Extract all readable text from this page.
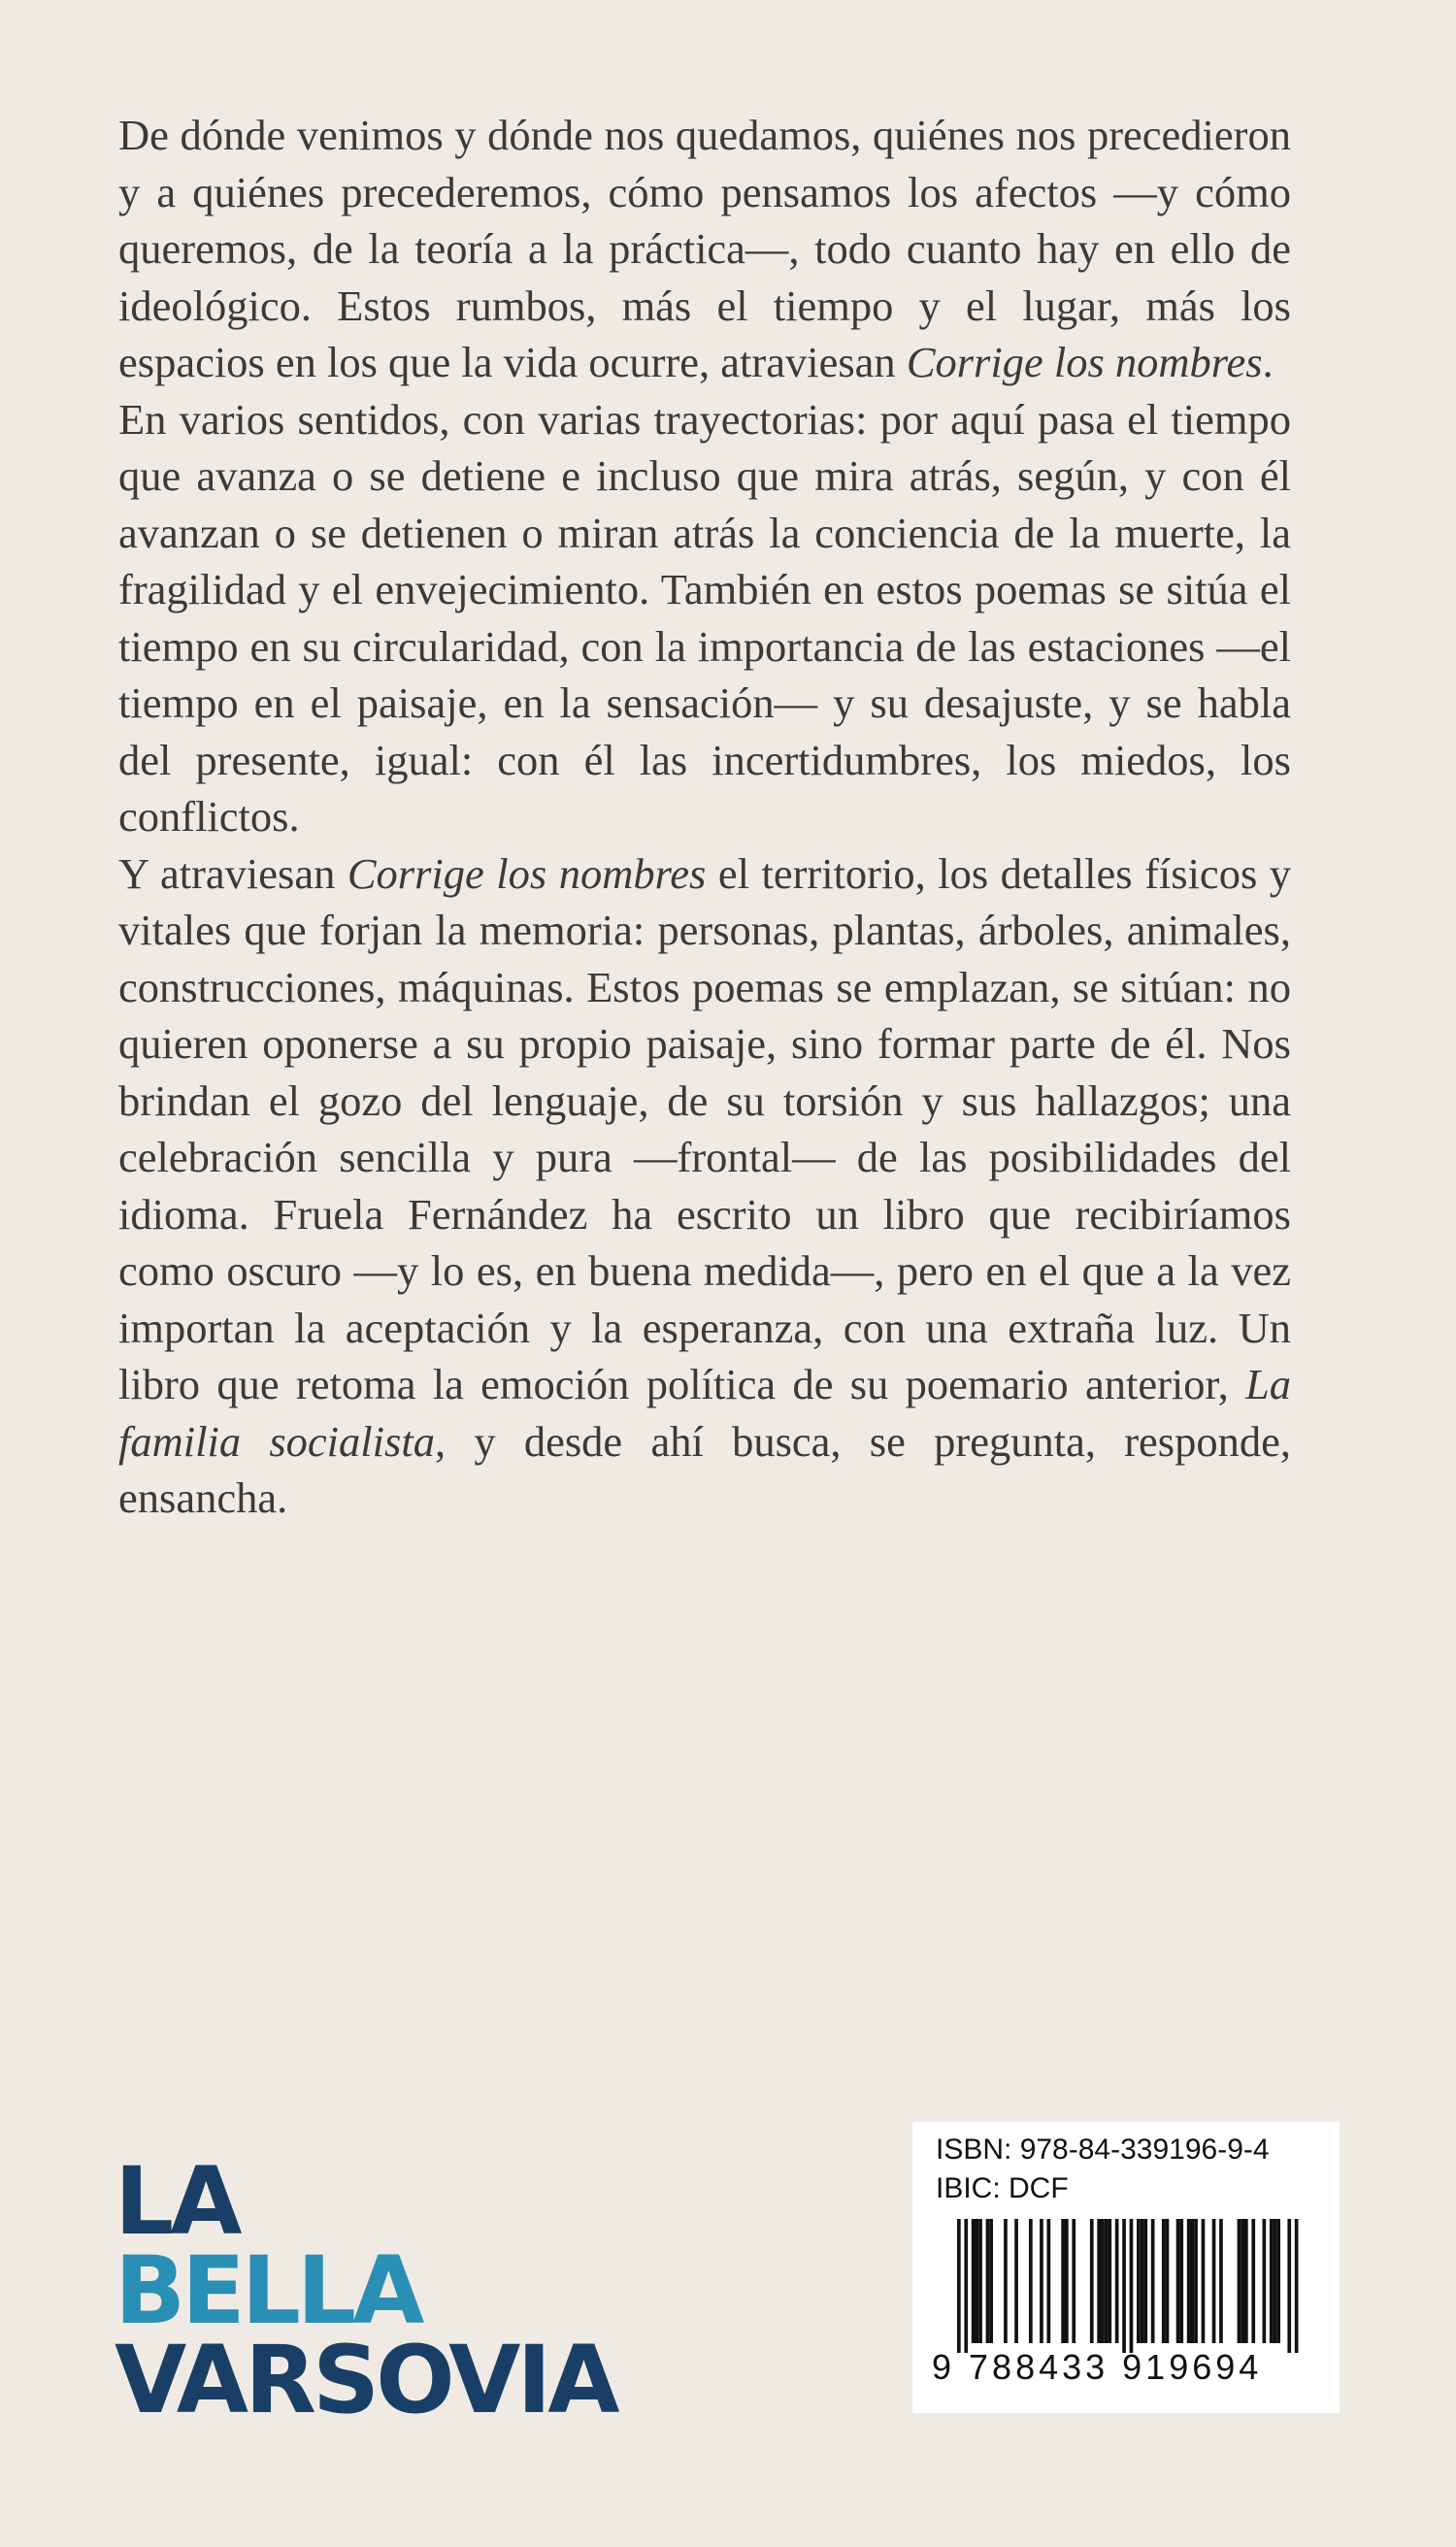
De dónde venimos y dónde nos quedamos, quiénes nos precedieron y a quiénes precederemos, cómo pensamos los afectos —y cómo queremos, de la teoría a la práctica—, todo cuanto hay en ello de ideológico. Estos rumbos, más el tiempo y el lugar, más los espacios en los que la vida ocurre, atraviesan Corrige los nombres.

En varios sentidos, con varias trayectorias: por aquí pasa el tiempo que avanza o se detiene e incluso que mira atrás, según, y con él avanzan o se detienen o miran atrás la conciencia de la muerte, la fragilidad y el envejecimiento. También en estos poemas se sitúa el tiempo en su circularidad, con la importancia de las estaciones —el tiempo en el paisaje, en la sensación— y su desajuste, y se habla del presente, igual: con él las incertidumbres, los miedos, los conflictos.

Y atraviesan Corrige los nombres el territorio, los detalles físicos y vitales que forjan la memoria: personas, plantas, árboles, animales, construcciones, máquinas. Estos poemas se emplazan, se sitúan: no quieren oponerse a su propio paisaje, sino formar parte de él. Nos brindan el gozo del lenguaje, de su torsión y sus hallazgos; una celebración sencilla y pura —frontal— de las posibilidades del idioma. Fruela Fernández ha escrito un libro que recibiríamos como oscuro —y lo es, en buena medida—, pero en el que a la vez importan la aceptación y la esperanza, con una extraña luz. Un libro que retoma la emoción política de su poemario anterior, La familia socialista, y desde ahí busca, se pregunta, responde, ensancha.

LA
BELLA
VARSOVIA
ISBN: 978-84-339196-9-4
IBIC: DCF
9 788433 919694
